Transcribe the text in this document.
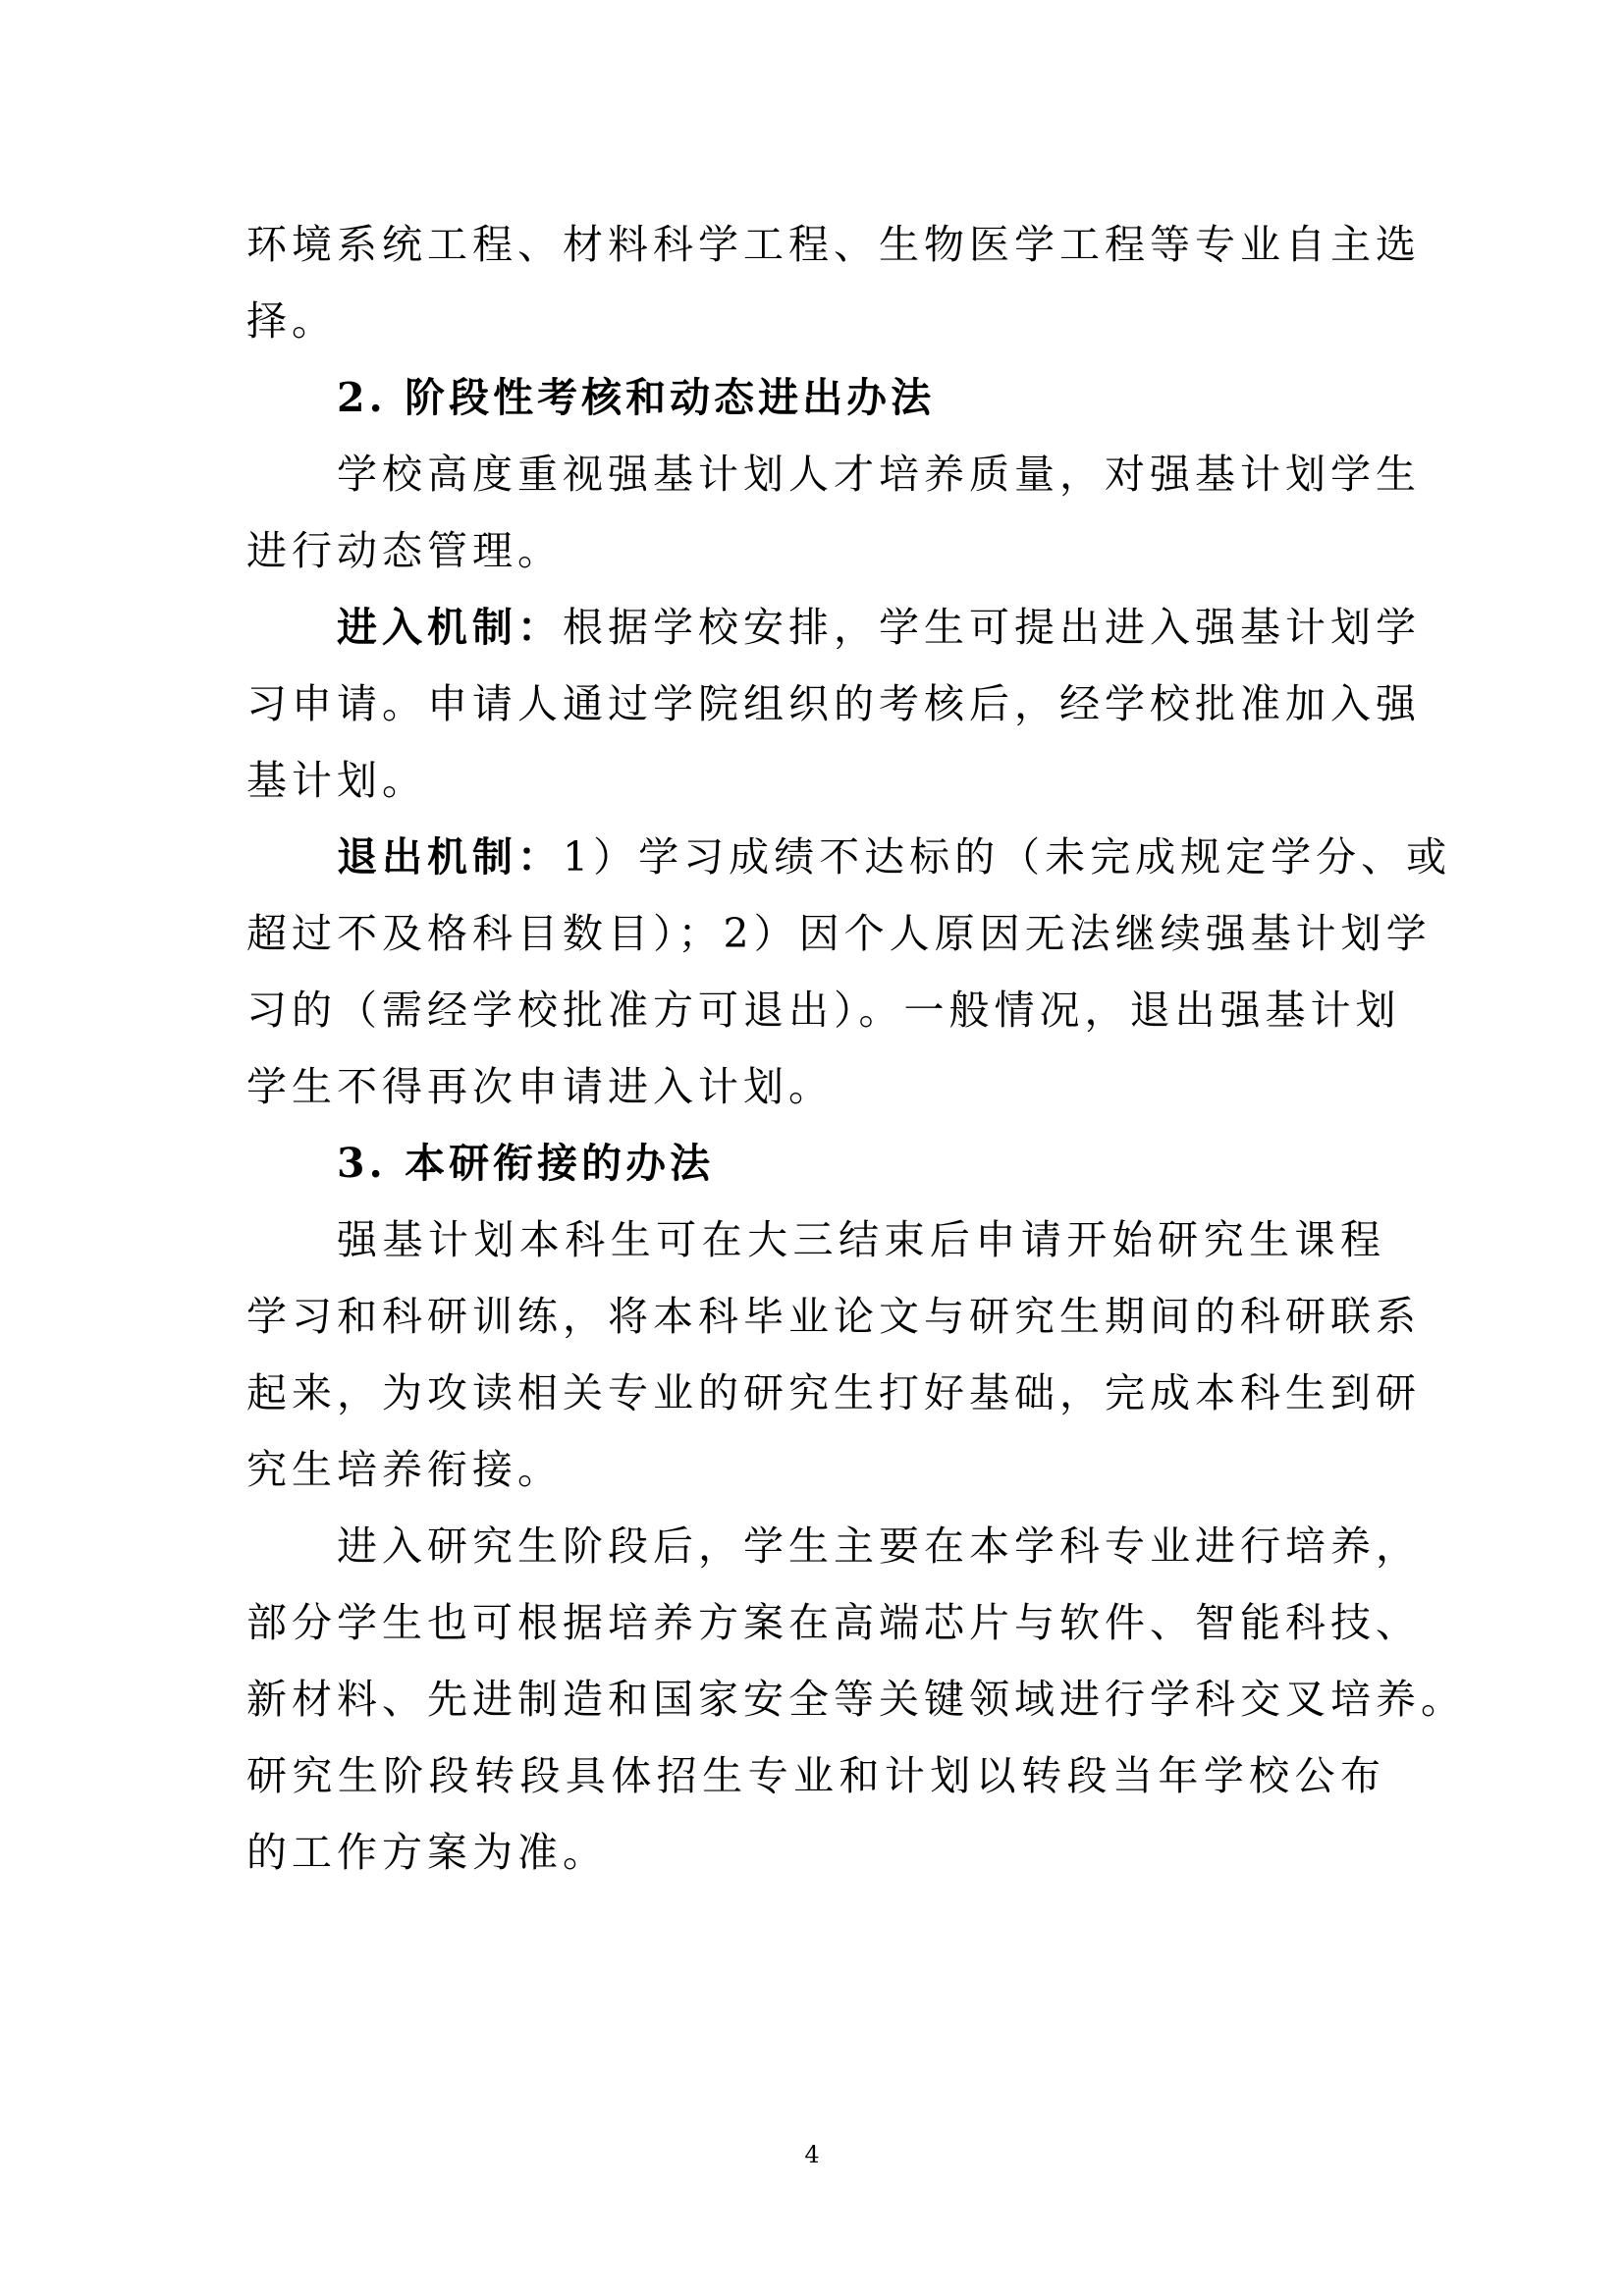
环境系统工程、材料科学工程、生物医学工程等专业自主选
择。

2. 阶段性考核和动态进出办法

学校高度重视强基计划人才培养质量，对强基计划学生
进行动态管理。

进入机制：根据学校安排，学生可提出进入强基计划学
习申请。申请人通过学院组织的考核后，经学校批准加入强
基计划。

退出机制：1）学习成绩不达标的（未完成规定学分、或
超过不及格科目数目）；2）因个人原因无法继续强基计划学
习的（需经学校批准方可退出）。一般情况，退出强基计划
学生不得再次申请进入计划。

3. 本研衔接的办法

强基计划本科生可在大三结束后申请开始研究生课程
学习和科研训练，将本科毕业论文与研究生期间的科研联系
起来，为攻读相关专业的研究生打好基础，完成本科生到研
究生培养衔接。

进入研究生阶段后，学生主要在本学科专业进行培养，
部分学生也可根据培养方案在高端芯片与软件、智能科技、
新材料、先进制造和国家安全等关键领域进行学科交叉培养。
研究生阶段转段具体招生专业和计划以转段当年学校公布
的工作方案为准。

4
